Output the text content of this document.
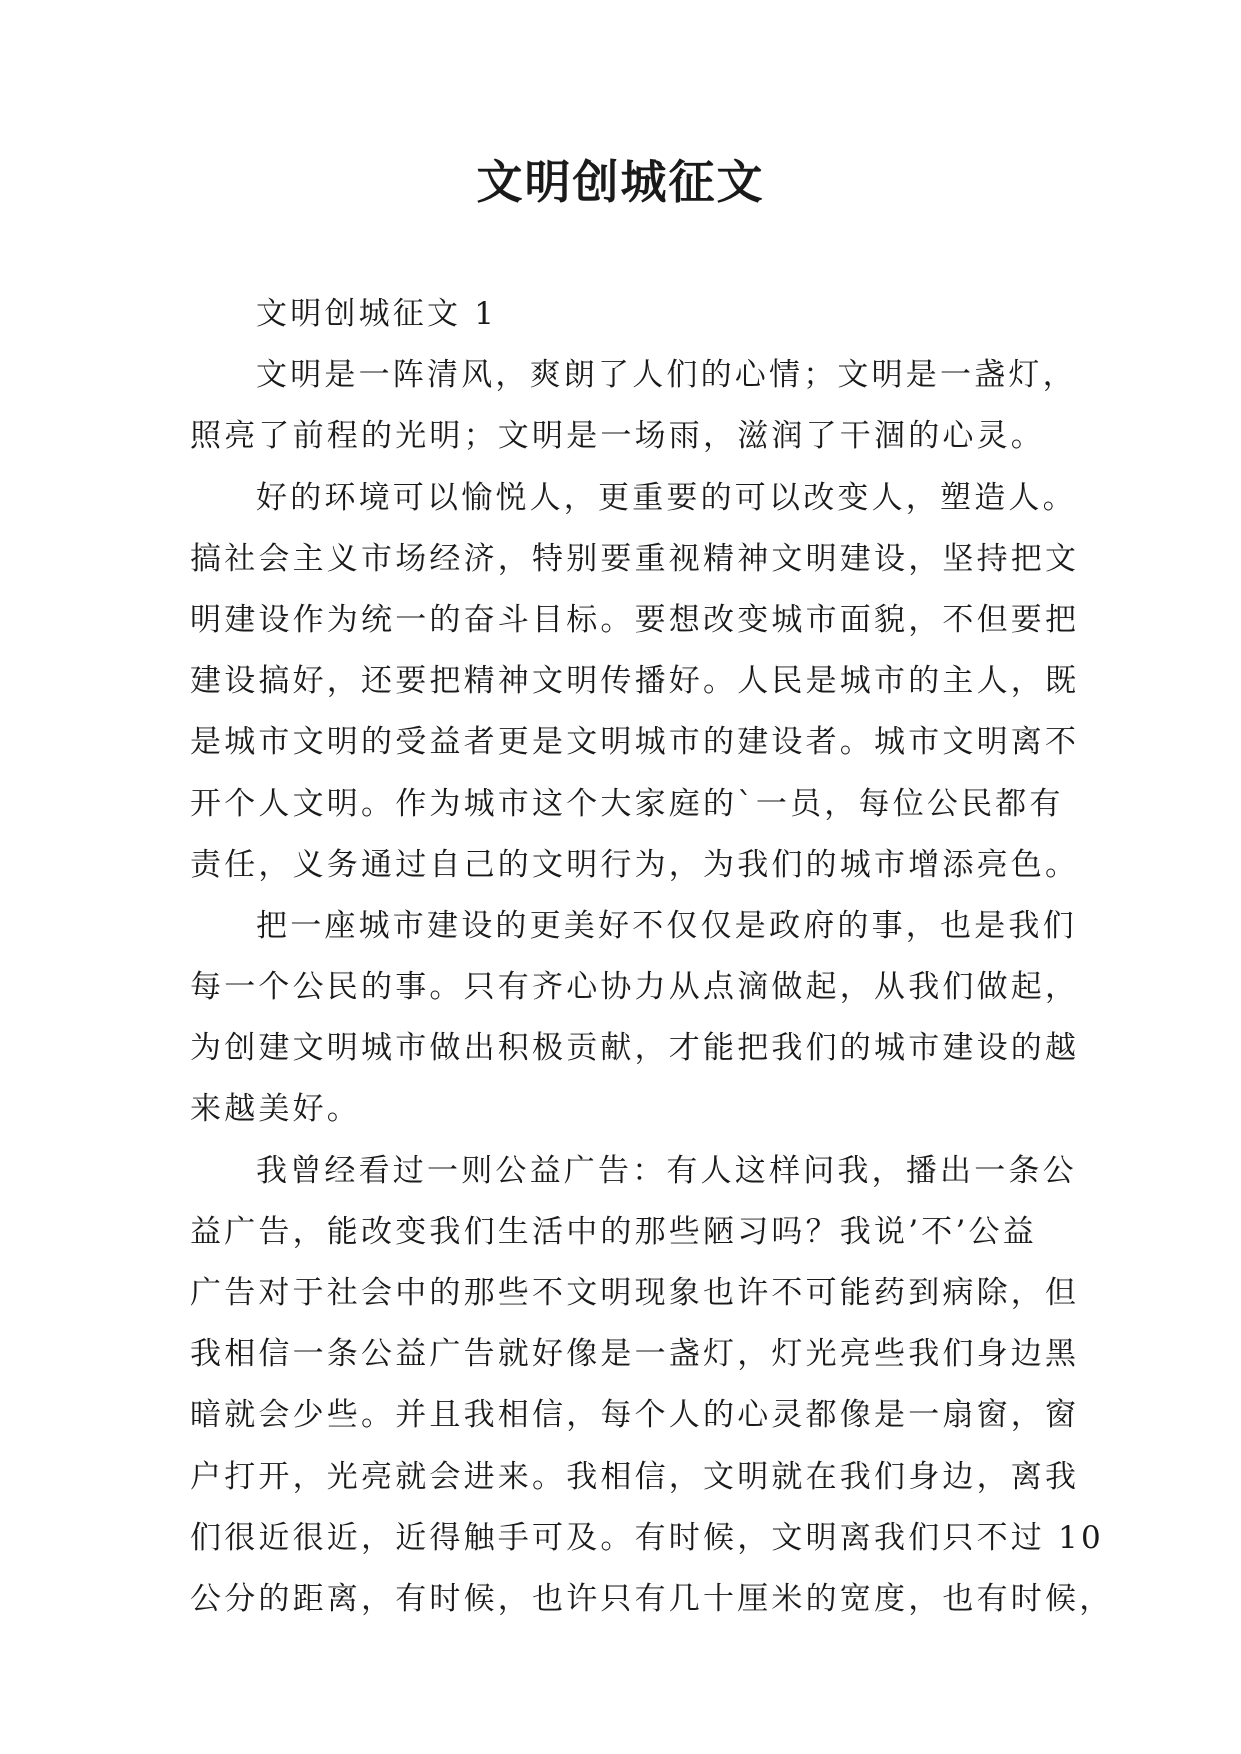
文明创城征文
文明创城征文 1
文明是一阵清风，爽朗了人们的心情；文明是一盏灯，
照亮了前程的光明；文明是一场雨，滋润了干涸的心灵。
好的环境可以愉悦人，更重要的可以改变人，塑造人。
搞社会主义市场经济，特别要重视精神文明建设，坚持把文
明建设作为统一的奋斗目标。要想改变城市面貌，不但要把
建设搞好，还要把精神文明传播好。人民是城市的主人，既
是城市文明的受益者更是文明城市的建设者。城市文明离不
开个人文明。作为城市这个大家庭的`一员，每位公民都有
责任，义务通过自己的文明行为，为我们的城市增添亮色。
把一座城市建设的更美好不仅仅是政府的事，也是我们
每一个公民的事。只有齐心协力从点滴做起，从我们做起，
为创建文明城市做出积极贡献，才能把我们的城市建设的越
来越美好。
我曾经看过一则公益广告：有人这样问我，播出一条公
益广告，能改变我们生活中的那些陋习吗？我说’不’公益
广告对于社会中的那些不文明现象也许不可能药到病除，但
我相信一条公益广告就好像是一盏灯，灯光亮些我们身边黑
暗就会少些。并且我相信，每个人的心灵都像是一扇窗，窗
户打开，光亮就会进来。我相信，文明就在我们身边，离我
们很近很近，近得触手可及。有时候，文明离我们只不过 10
公分的距离，有时候，也许只有几十厘米的宽度，也有时候，
